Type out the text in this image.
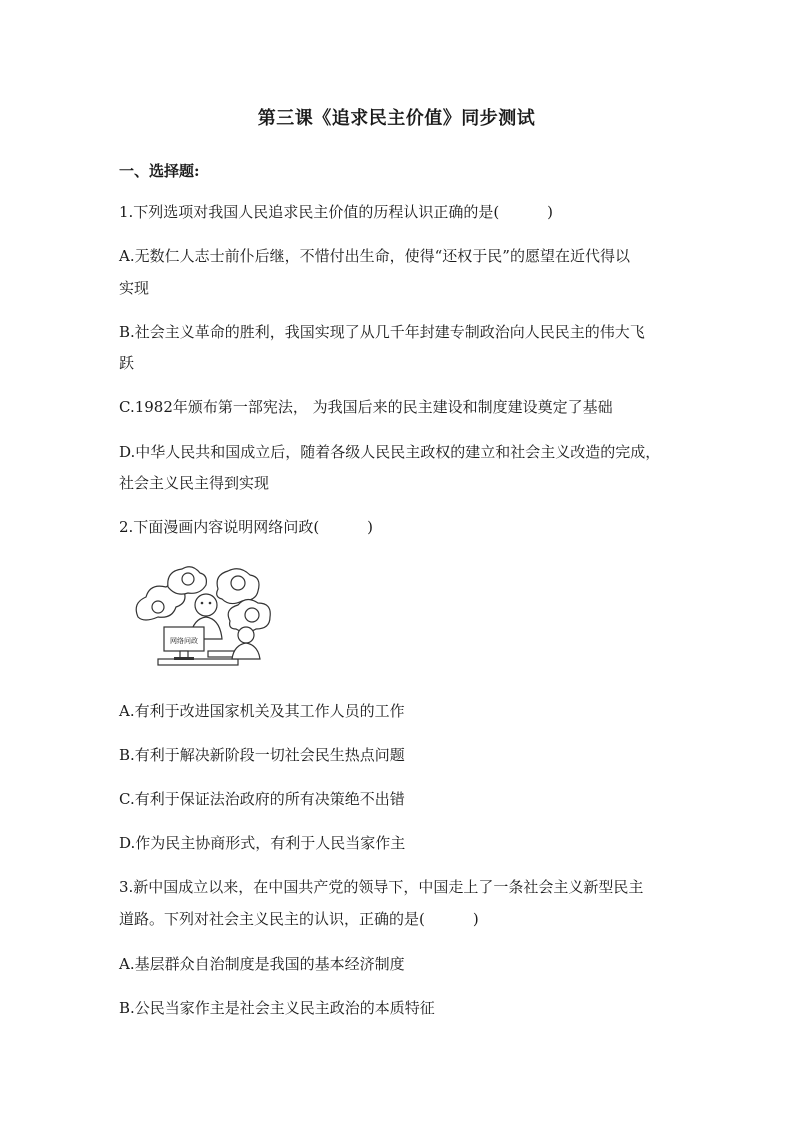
第三课《追求民主价值》同步测试
一、选择题:
1.下列选项对我国人民追求民主价值的历程认识正确的是(	)
A.无数仁人志士前仆后继，不惜付出生命，使得“还权于民”的愿望在近代得以
实现
B.社会主义革命的胜利，我国实现了从几千年封建专制政治向人民民主的伟大飞
跃
C.1982年颁布第一部宪法， 为我国后来的民主建设和制度建设奠定了基础
D.中华人民共和国成立后，随着各级人民民主政权的建立和社会主义改造的完成，
社会主义民主得到实现
2.下面漫画内容说明网络问政(	)
网络问政
A.有利于改进国家机关及其工作人员的工作
B.有利于解决新阶段一切社会民生热点问题
C.有利于保证法治政府的所有决策绝不出错
D.作为民主协商形式，有利于人民当家作主
3.新中国成立以来，在中国共产党的领导下，中国走上了一条社会主义新型民主
道路。下列对社会主义民主的认识，正确的是(	)
A.基层群众自治制度是我国的基本经济制度
B.公民当家作主是社会主义民主政治的本质特征
